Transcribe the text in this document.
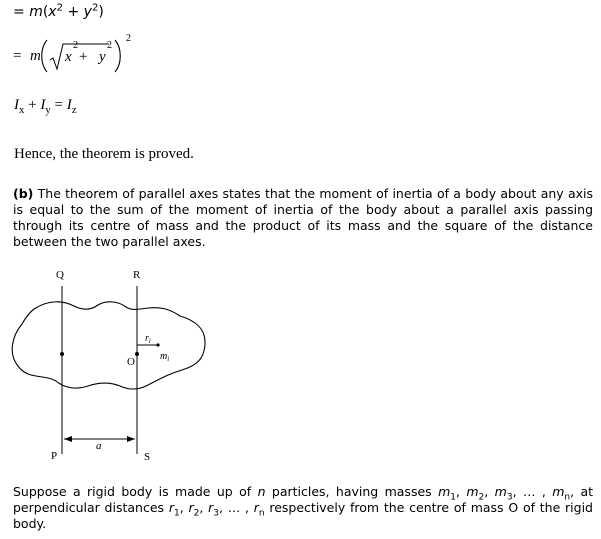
= $m(x^2 + y^2)$
= m x
2
+ y
2
2
$I_x + I_y = I_z$
Hence, the theorem is proved.
(b) The theorem of parallel axes states that the moment of inertia of a body about any axis is equal to the sum of the moment of inertia of the body about a parallel axis passing through its centre of mass and the product of its mass and the square of the distance between the two parallel axes.
Q	R
O
P	S
a
$r_i$
$m_i$
Suppose a rigid body is made up of n particles, having masses $m_1$, $m_2$, $m_3$, … , $m_n$, at perpendicular distances $r_1$, $r_2$, $r_3$, … , $r_n$ respectively from the centre of mass O of the rigid body.
